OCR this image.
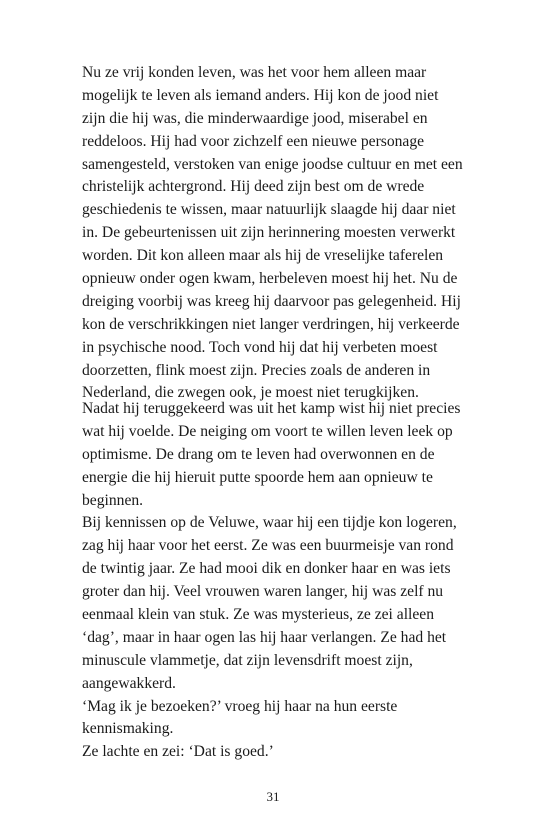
Nu ze vrij konden leven, was het voor hem alleen maar
mogelijk te leven als iemand anders. Hij kon de jood niet
zijn die hij was, die minderwaardige jood, miserabel en
reddeloos. Hij had voor zichzelf een nieuwe personage
samengesteld, verstoken van enige joodse cultuur en met een
christelijk achtergrond. Hij deed zijn best om de wrede
geschiedenis te wissen, maar natuurlijk slaagde hij daar niet
in. De gebeurtenissen uit zijn herinnering moesten verwerkt
worden. Dit kon alleen maar als hij de vreselijke taferelen
opnieuw onder ogen kwam, herbeleven moest hij het. Nu de
dreiging voorbij was kreeg hij daarvoor pas gelegenheid. Hij
kon de verschrikkingen niet langer verdringen, hij verkeerde
in psychische nood. Toch vond hij dat hij verbeten moest
doorzetten, flink moest zijn. Precies zoals de anderen in
Nederland, die zwegen ook, je moest niet terugkijken.
Nadat hij teruggekeerd was uit het kamp wist hij niet precies
wat hij voelde. De neiging om voort te willen leven leek op
optimisme. De drang om te leven had overwonnen en de
energie die hij hieruit putte spoorde hem aan opnieuw te
beginnen.
Bij kennissen op de Veluwe, waar hij een tijdje kon logeren,
zag hij haar voor het eerst. Ze was een buurmeisje van rond
de twintig jaar. Ze had mooi dik en donker haar en was iets
groter dan hij. Veel vrouwen waren langer, hij was zelf nu
eenmaal klein van stuk. Ze was mysterieus, ze zei alleen
‘dag’, maar in haar ogen las hij haar verlangen. Ze had het
minuscule vlammetje, dat zijn levensdrift moest zijn,
aangewakkerd.
‘Mag ik je bezoeken?’ vroeg hij haar na hun eerste
kennismaking.
Ze lachte en zei: ‘Dat is goed.’
31
